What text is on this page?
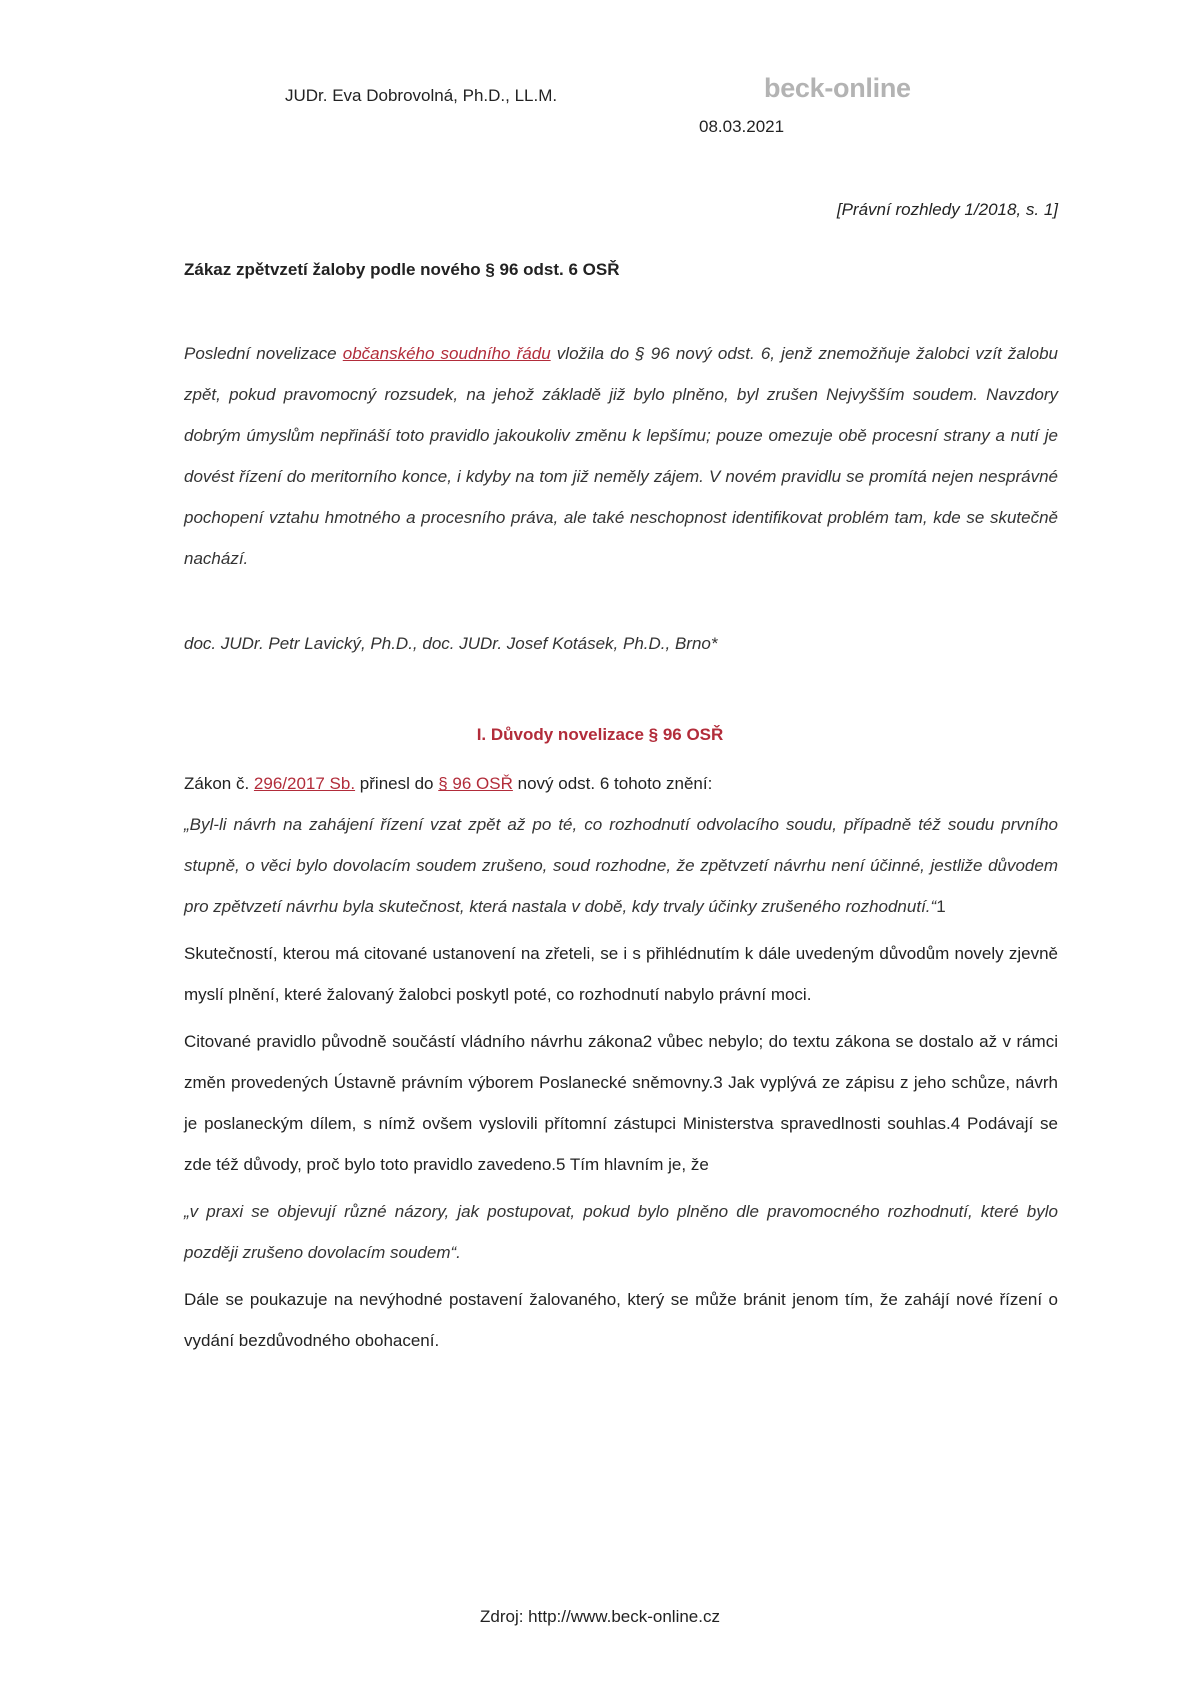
JUDr. Eva Dobrovolná, Ph.D., LL.M.	beck-online
08.03.2021
[Právní rozhledy 1/2018, s. 1]
Zákaz zpětvzetí žaloby podle nového § 96 odst. 6 OSŘ

Poslední novelizace občanského soudního řádu vložila do § 96 nový odst. 6, jenž znemožňuje žalobci vzít žalobu zpět, pokud pravomocný rozsudek, na jehož základě již bylo plněno, byl zrušen Nejvyšším soudem. Navzdory dobrým úmyslům nepřináší toto pravidlo jakoukoliv změnu k lepšímu; pouze omezuje obě procesní strany a nutí je dovést řízení do meritorního konce, i kdyby na tom již neměly zájem. V novém pravidlu se promítá nejen nesprávné pochopení vztahu hmotného a procesního práva, ale také neschopnost identifikovat problém tam, kde se skutečně nachází.

doc. JUDr. Petr Lavický, Ph.D., doc. JUDr. Josef Kotásek, Ph.D., Brno*
I. Důvody novelizace § 96 OSŘ

Zákon č. 296/2017 Sb. přinesl do § 96 OSŘ nový odst. 6 tohoto znění:

„Byl-li návrh na zahájení řízení vzat zpět až po té, co rozhodnutí odvolacího soudu, případně též soudu prvního stupně, o věci bylo dovolacím soudem zrušeno, soud rozhodne, že zpětvzetí návrhu není účinné, jestliže důvodem pro zpětvzetí návrhu byla skutečnost, která nastala v době, kdy trvaly účinky zrušeného rozhodnutí.“1

Skutečností, kterou má citované ustanovení na zřeteli, se i s přihlédnutím k dále uvedeným důvodům novely zjevně myslí plnění, které žalovaný žalobci poskytl poté, co rozhodnutí nabylo právní moci.

Citované pravidlo původně součástí vládního návrhu zákona2 vůbec nebylo; do textu zákona se dostalo až v rámci změn provedených Ústavně právním výborem Poslanecké sněmovny.3 Jak vyplývá ze zápisu z jeho schůze, návrh je poslaneckým dílem, s nímž ovšem vyslovili přítomní zástupci Ministerstva spravedlnosti souhlas.4 Podávají se zde též důvody, proč bylo toto pravidlo zavedeno.5 Tím hlavním je, že

„v praxi se objevují různé názory, jak postupovat, pokud bylo plněno dle pravomocného rozhodnutí, které bylo později zrušeno dovolacím soudem“.

Dále se poukazuje na nevýhodné postavení žalovaného, který se může bránit jenom tím, že zahájí nové řízení o vydání bezdůvodného obohacení.

Zdroj: http://www.beck-online.cz
